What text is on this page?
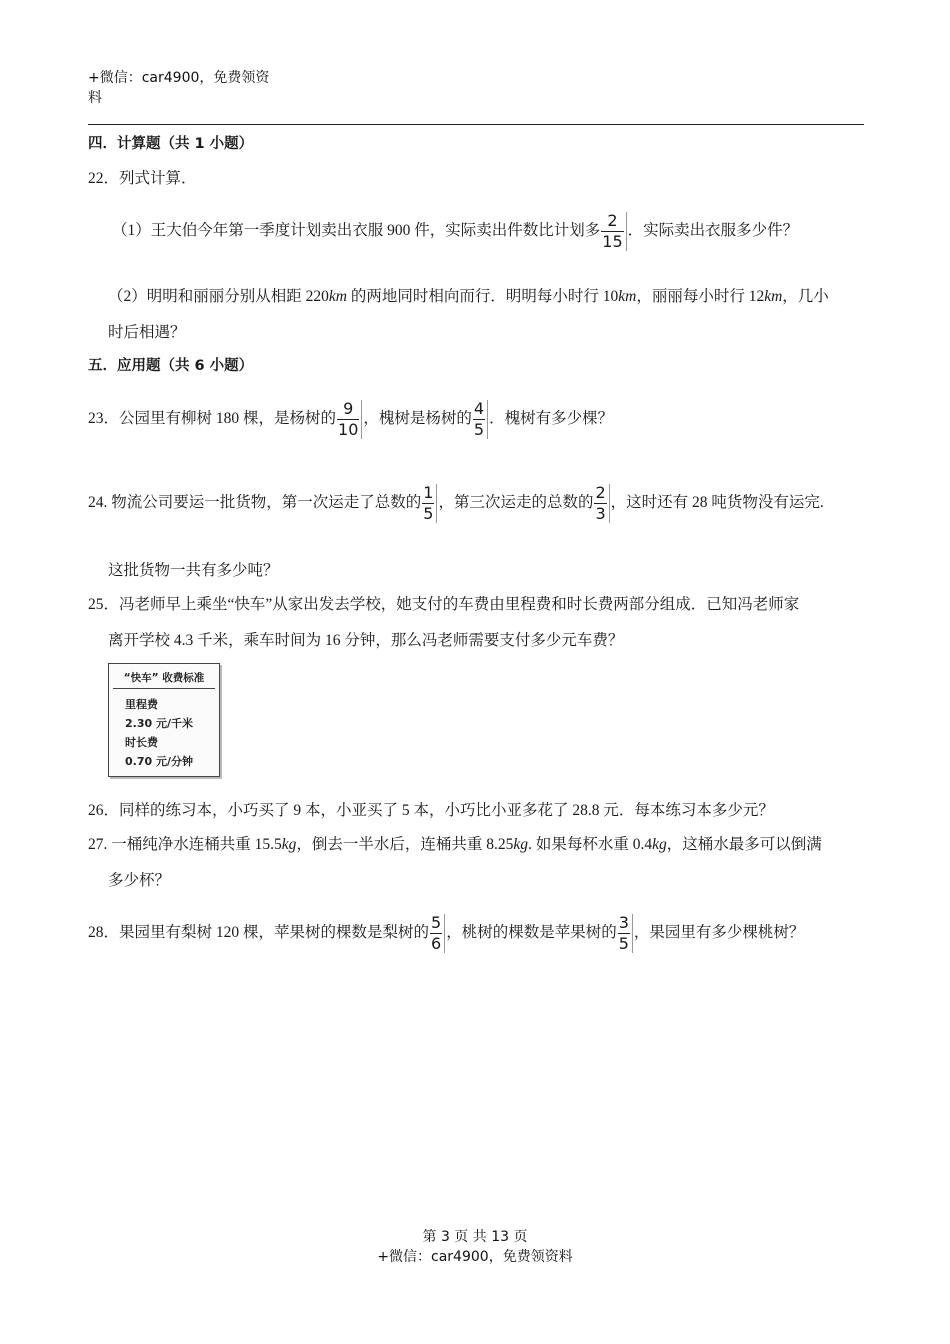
+微信：car4900，免费领资
料
四．计算题（共 1 小题）
22．列式计算．
（1）王大伯今年第一季度计划卖出衣服 900 件，实际卖出件数比计划多 $\frac{2}{15}$ ．实际卖出衣服多少件？
（2）明明和丽丽分别从相距 220km 的两地同时相向而行．明明每小时行 10km，丽丽每小时行 12km，几小
时后相遇？
五．应用题（共 6 小题）
23．公园里有柳树 180 棵，是杨树的 $\frac{9}{10}$ ，槐树是杨树的 $\frac{4}{5}$ ．槐树有多少棵？
24. 物流公司要运一批货物，第一次运走了总数的 $\frac{1}{5}$ ，第三次运走的总数的 $\frac{2}{3}$ ，这时还有 28 吨货物没有运完.
这批货物一共有多少吨？
25．冯老师早上乘坐“快车”从家出发去学校，她支付的车费由里程费和时长费两部分组成．已知冯老师家
离开学校 4.3 千米，乘车时间为 16 分钟，那么冯老师需要支付多少元车费？
“快车” 收费标准
里程费
2.30 元/千米
时长费
0.70 元/分钟
26．同样的练习本，小巧买了 9 本，小亚买了 5 本，小巧比小亚多花了 28.8 元．每本练习本多少元？
27. 一桶纯净水连桶共重 15.5kg，倒去一半水后，连桶共重 8.25kg. 如果每杯水重 0.4kg，这桶水最多可以倒满
多少杯？
28．果园里有梨树 120 棵，苹果树的棵数是梨树的 $\frac{5}{6}$ ，桃树的棵数是苹果树的 $\frac{3}{5}$ ，果园里有多少棵桃树？
第 3 页 共 13 页
+微信：car4900，免费领资料
